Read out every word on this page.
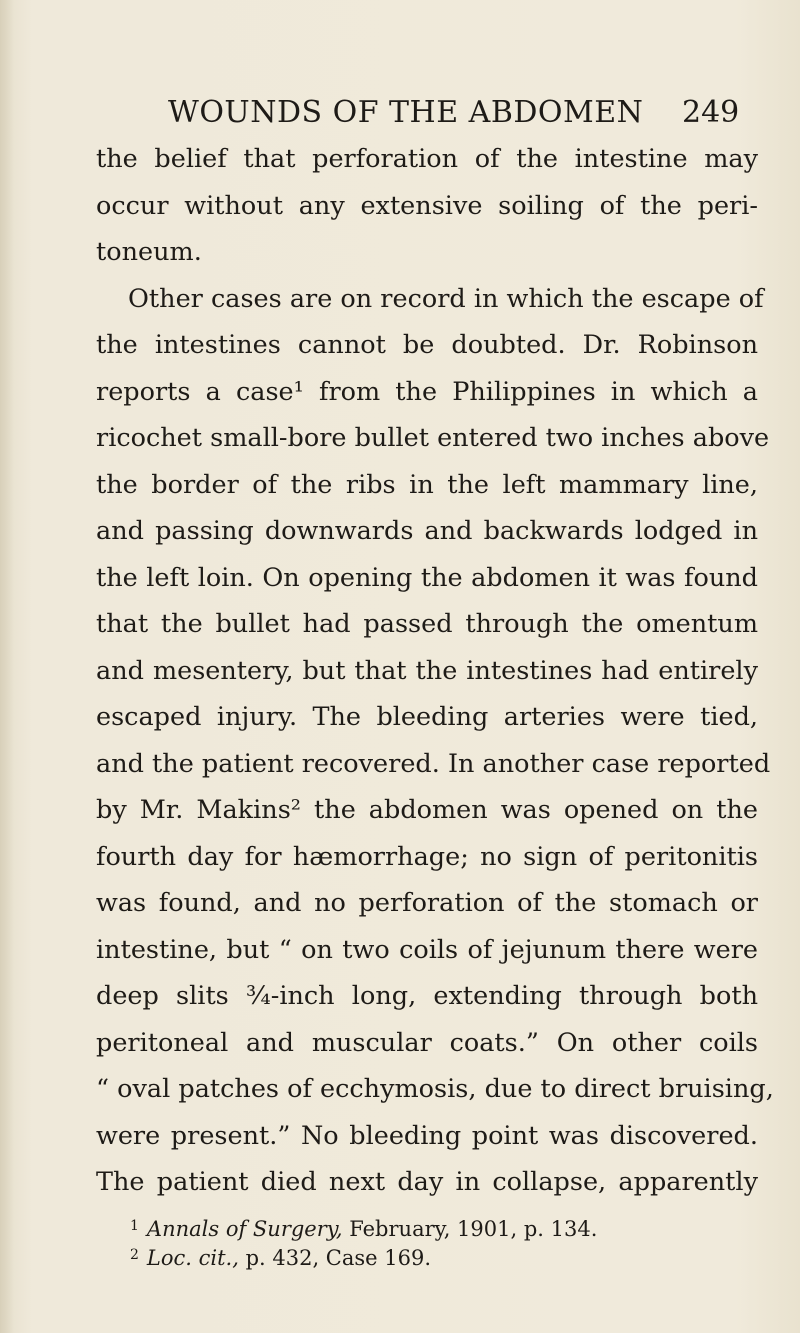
WOUNDS OF THE ABDOMEN 249
the belief that perforation of the intestine may
occur without any extensive soiling of the peri-
toneum.
Other cases are on record in which the escape of
the intestines cannot be doubted. Dr. Robinson
reports a case¹ from the Philippines in which a
ricochet small-bore bullet entered two inches above
the border of the ribs in the left mammary line,
and passing downwards and backwards lodged in
the left loin. On opening the abdomen it was found
that the bullet had passed through the omentum
and mesentery, but that the intestines had entirely
escaped injury. The bleeding arteries were tied,
and the patient recovered. In another case reported
by Mr. Makins² the abdomen was opened on the
fourth day for hæmorrhage; no sign of peritonitis
was found, and no perforation of the stomach or
intestine, but “ on two coils of jejunum there were
deep slits ¾-inch long, extending through both
peritoneal and muscular coats.” On other coils
“ oval patches of ecchymosis, due to direct bruising,
were present.” No bleeding point was discovered.
The patient died next day in collapse, apparently
$^1$ Annals of Surgery, February, 1901, p. 134.
$^2$ Loc. cit., p. 432, Case 169.
